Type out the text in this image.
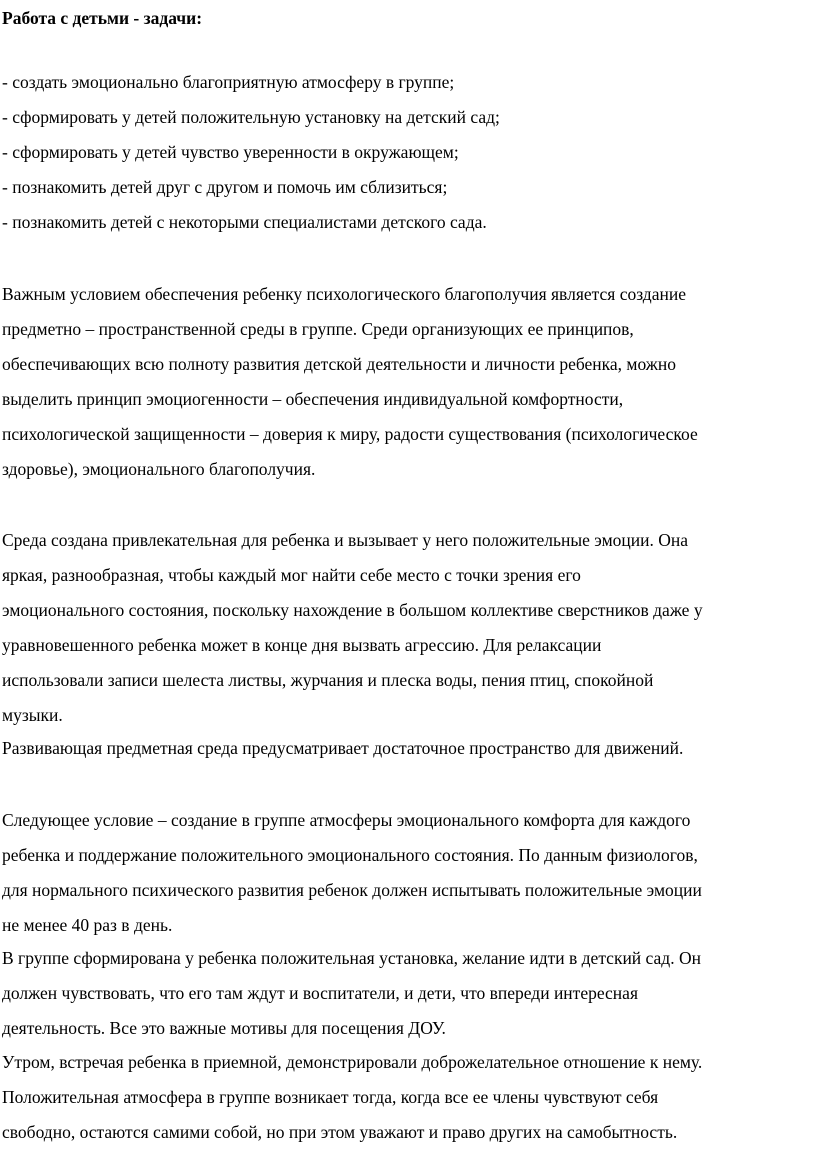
Работа с детьми - задачи:
- создать эмоционально благоприятную атмосферу в группе;
- сформировать у детей положительную установку на детский сад;
- сформировать у детей чувство уверенности в окружающем;
- познакомить детей друг с другом и помочь им сблизиться;
- познакомить детей с некоторыми специалистами детского сада.
Важным условием обеспечения ребенку психологического благополучия является создание
предметно – пространственной среды в группе. Среди организующих ее принципов,
обеспечивающих всю полноту развития детской деятельности и личности ребенка, можно
выделить принцип эмоциогенности – обеспечения индивидуальной комфортности,
психологической защищенности – доверия к миру, радости существования (психологическое
здоровье), эмоционального благополучия.
Среда создана привлекательная для ребенка и вызывает у него положительные эмоции. Она
яркая, разнообразная, чтобы каждый мог найти себе место с точки зрения его
эмоционального состояния, поскольку нахождение в большом коллективе сверстников даже у
уравновешенного ребенка может в конце дня вызвать агрессию. Для релаксации
использовали записи шелеста листвы, журчания и плеска воды, пения птиц, спокойной
музыки.
Развивающая предметная среда предусматривает достаточное пространство для движений.
Следующее условие – создание в группе атмосферы эмоционального комфорта для каждого
ребенка и поддержание положительного эмоционального состояния. По данным физиологов,
для нормального психического развития ребенок должен испытывать положительные эмоции
не менее 40 раз в день.
В группе сформирована у ребенка положительная установка, желание идти в детский сад. Он
должен чувствовать, что его там ждут и воспитатели, и дети, что впереди интересная
деятельность. Все это важные мотивы для посещения ДОУ.
Утром, встречая ребенка в приемной, демонстрировали доброжелательное отношение к нему.
Положительная атмосфера в группе возникает тогда, когда все ее члены чувствуют себя
свободно, остаются самими собой, но при этом уважают и право других на самобытность.
